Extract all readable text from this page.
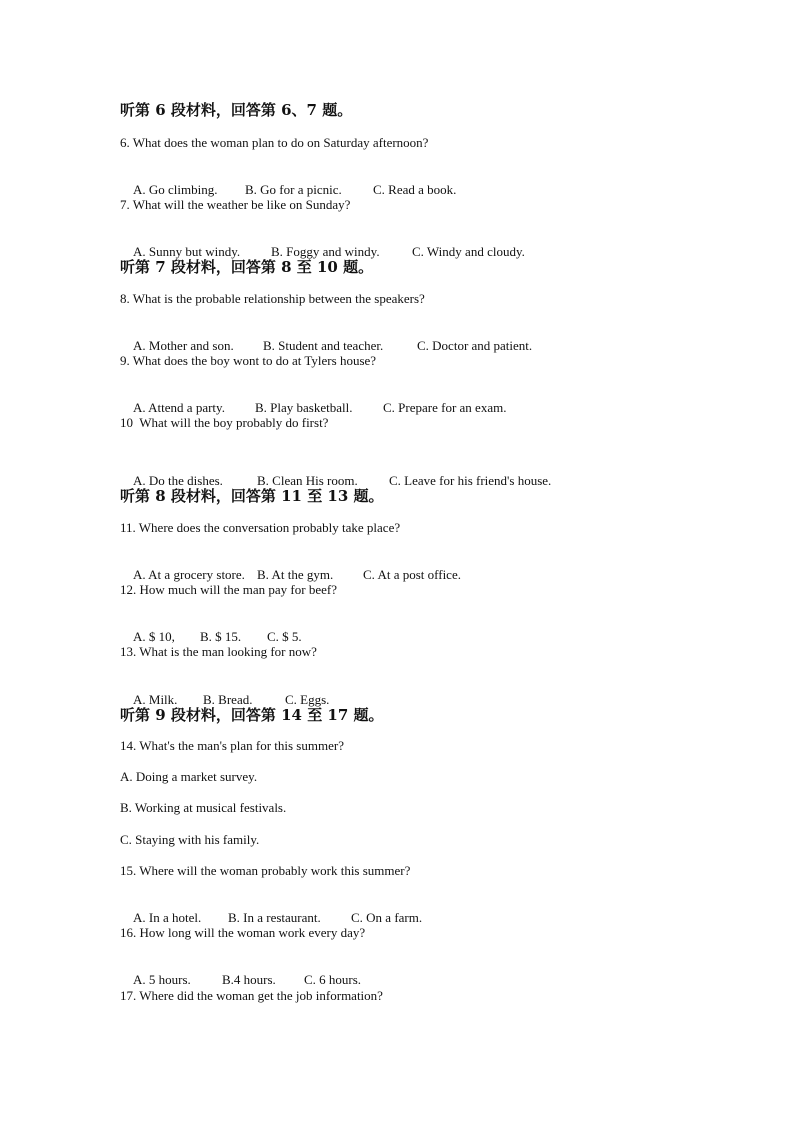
听第 6 段材料，回答第 6、7 题。
6. What does the woman plan to do on Saturday afternoon?

A. Go climbing. B. Go for a picnic. C. Read a book.

7. What will the weather be like on Sunday?

A. Sunny but windy. B. Foggy and windy. C. Windy and cloudy.

听第 7 段材料，回答第 8 至 10 题。
8. What is the probable relationship between the speakers?

A. Mother and son. B. Student and teacher.	C. Doctor and patient.

9. What does the boy wont to do at Tylers house?

A. Attend a party. B. Play basketball. C. Prepare for an exam.

10  What will the boy probably do first?

A. Do the dishes.	B. Clean His room. C. Leave for his friend's house.

听第 8 段材料，回答第 11 至 13 题。
11. Where does the conversation probably take place?

A. At a grocery store. B. At the gym. C. At a post office.

12. How much will the man pay for beef?

A. $ 10, B. $ 15. C. $ 5.

13. What is the man looking for now?

A. Milk. B. Bread.	C. Eggs.

听第 9 段材料，回答第 14 至 17 题。
14. What's the man's plan for this summer?
A. Doing a market survey.
B. Working at musical festivals.
C. Staying with his family.
15. Where will the woman probably work this summer?

A. In a hotel. B. In a restaurant. C. On a farm.

16. How long will the woman work every day?

A. 5 hours. B.4 hours. C. 6 hours.

17. Where did the woman get the job information?
